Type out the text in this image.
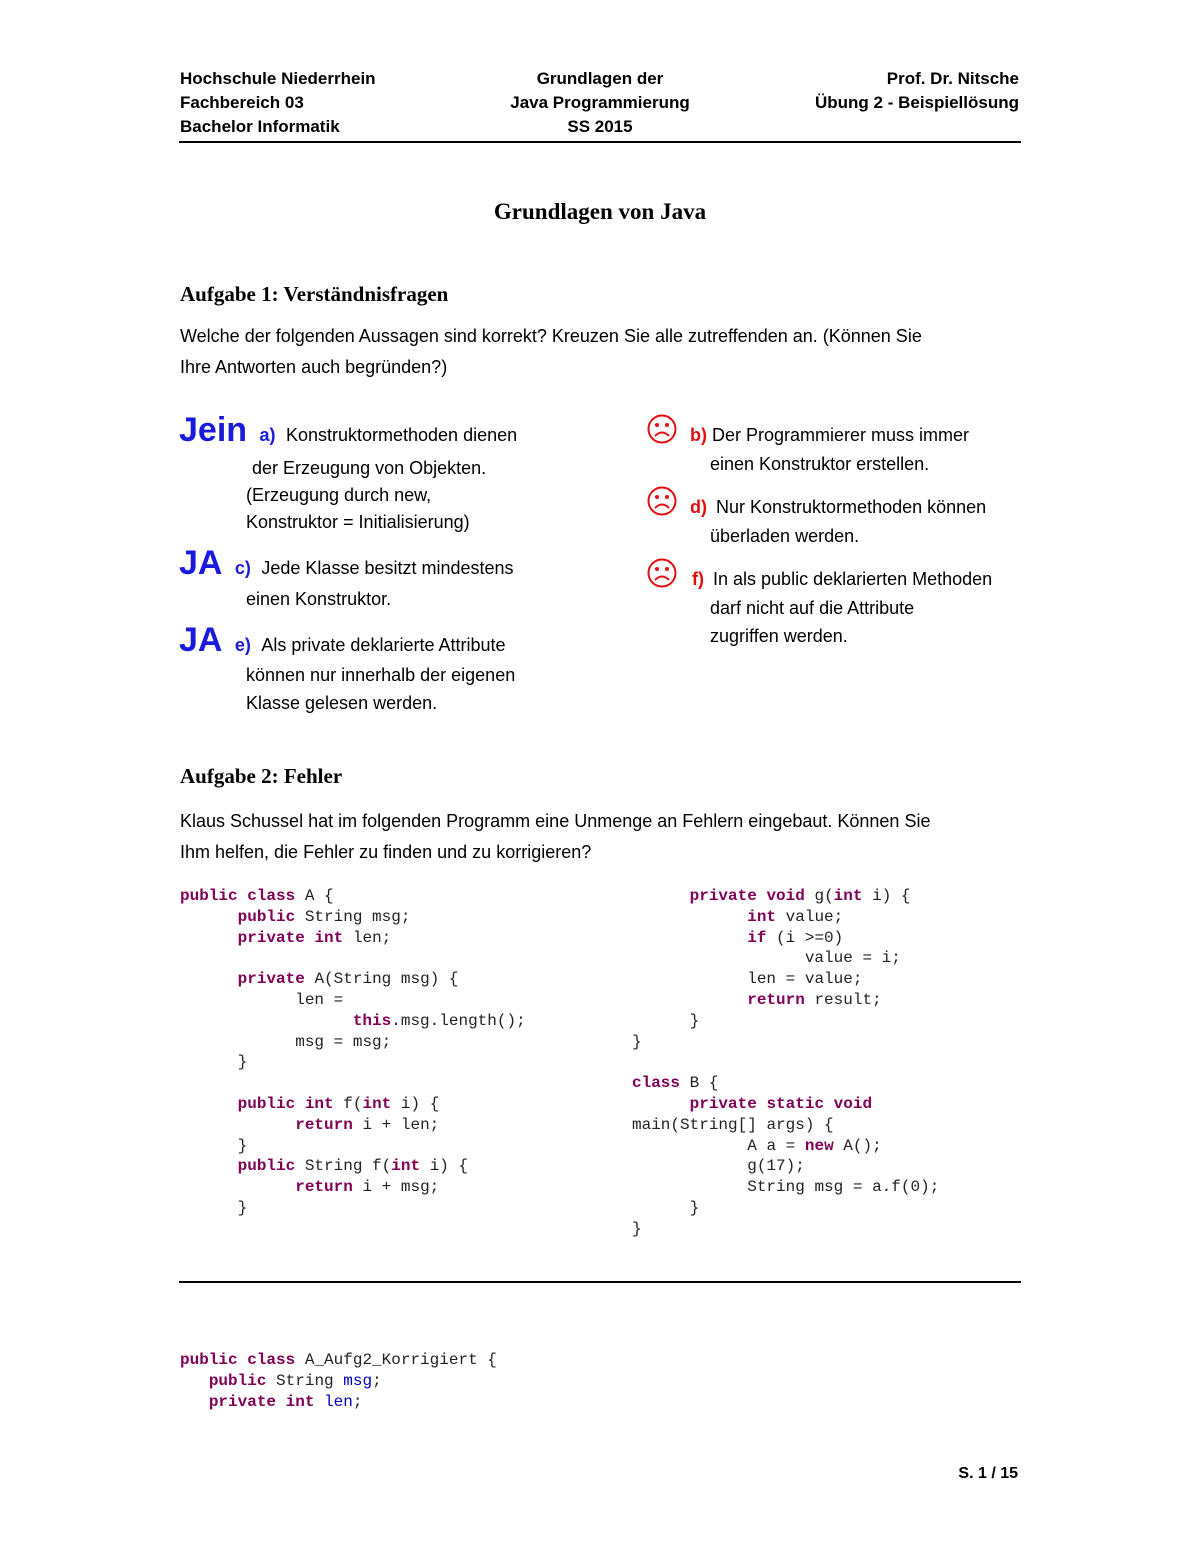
Hochschule Niederrhein
Fachbereich 03
Bachelor Informatik
Grundlagen der
Java Programmierung
SS 2015
Prof. Dr. Nitsche
Übung 2 - Beispiellösung
Grundlagen von Java
Aufgabe 1: Verständnisfragen
Welche der folgenden Aussagen sind korrekt? Kreuzen Sie alle zutreffenden an. (Können Sie
Ihre Antworten auch begründen?)
Jein a) Konstruktormethoden dienen
der Erzeugung von Objekten.
(Erzeugung durch new,
Konstruktor = Initialisierung)
JA c) Jede Klasse besitzt mindestens
einen Konstruktor.
JA e) Als private deklarierte Attribute
können nur innerhalb der eigenen
Klasse gelesen werden.
b) Der Programmierer muss immer
einen Konstruktor erstellen.
d) Nur Konstruktormethoden können
überladen werden.
f) In als public deklarierten Methoden
darf nicht auf die Attribute
zugriffen werden.
Aufgabe 2: Fehler
Klaus Schussel hat im folgenden Programm eine Unmenge an Fehlern eingebaut. Können Sie
Ihm helfen, die Fehler zu finden und zu korrigieren?
public class A {
public String msg;
private int len;

private A(String msg) {
len =
this.msg.length();
msg = msg;
}

public int f(int i) {
return i + len;
}
public String f(int i) {
return i + msg;
}
private void g(int i) {
int value;
if (i >=0)
value = i;
len = value;
return result;
}
}

class B {
private static void
main(String[] args) {
A a = new A();
g(17);
String msg = a.f(0);
}
}
public class A_Aufg2_Korrigiert {
public String msg;
private int len;
S. 1 / 15
